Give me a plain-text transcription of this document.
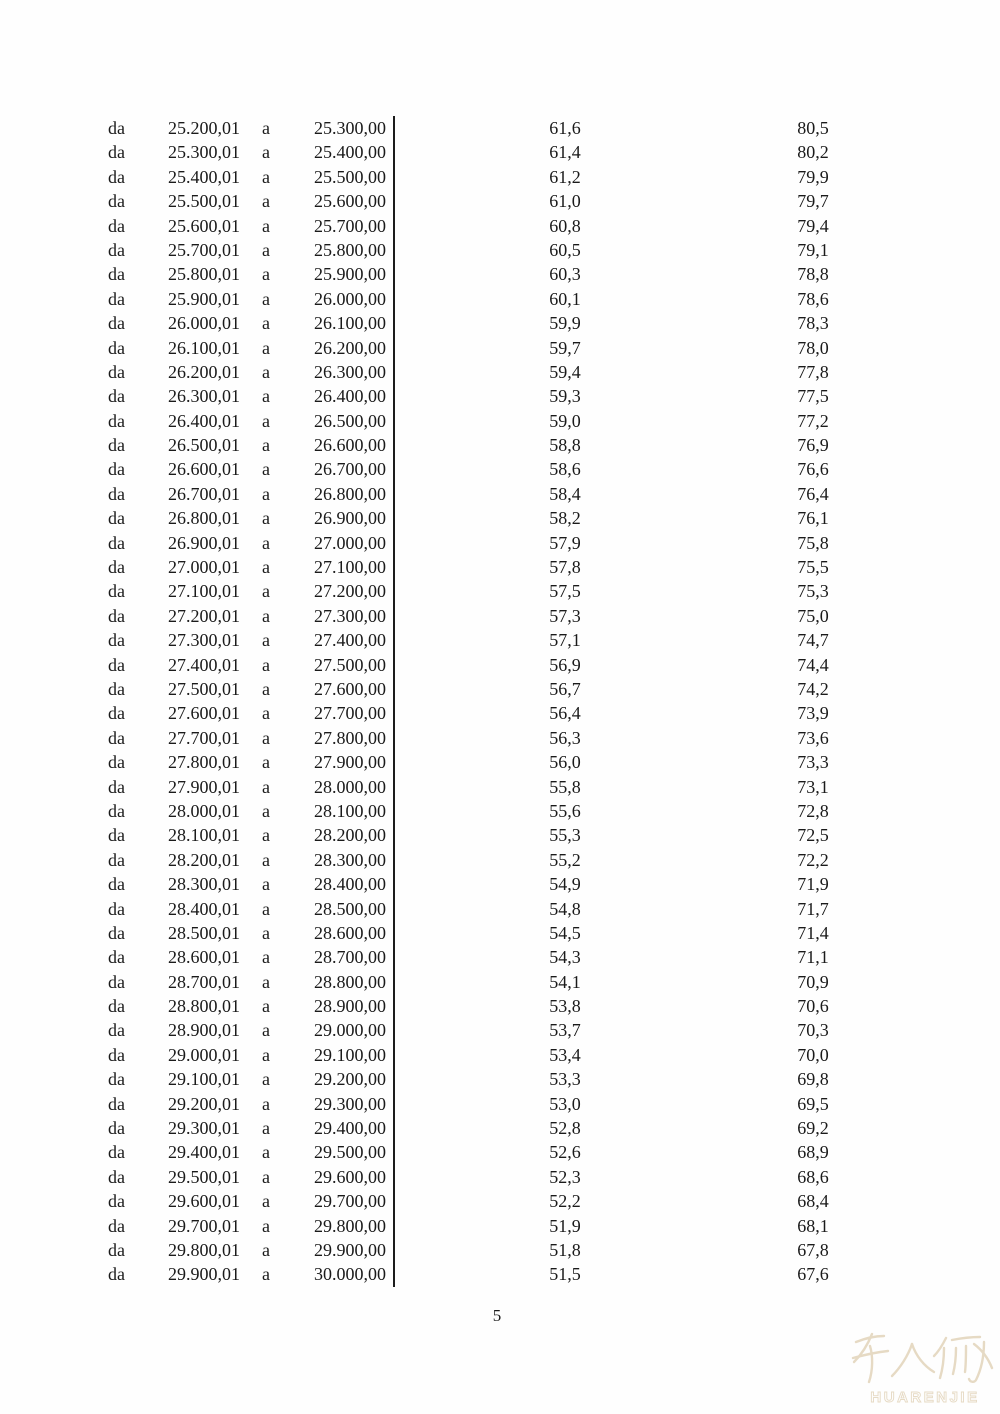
da	25.200,01	a	25.300,00	61,6	80,5
da	25.300,01	a	25.400,00	61,4	80,2
da	25.400,01	a	25.500,00	61,2	79,9
da	25.500,01	a	25.600,00	61,0	79,7
da	25.600,01	a	25.700,00	60,8	79,4
da	25.700,01	a	25.800,00	60,5	79,1
da	25.800,01	a	25.900,00	60,3	78,8
da	25.900,01	a	26.000,00	60,1	78,6
da	26.000,01	a	26.100,00	59,9	78,3
da	26.100,01	a	26.200,00	59,7	78,0
da	26.200,01	a	26.300,00	59,4	77,8
da	26.300,01	a	26.400,00	59,3	77,5
da	26.400,01	a	26.500,00	59,0	77,2
da	26.500,01	a	26.600,00	58,8	76,9
da	26.600,01	a	26.700,00	58,6	76,6
da	26.700,01	a	26.800,00	58,4	76,4
da	26.800,01	a	26.900,00	58,2	76,1
da	26.900,01	a	27.000,00	57,9	75,8
da	27.000,01	a	27.100,00	57,8	75,5
da	27.100,01	a	27.200,00	57,5	75,3
da	27.200,01	a	27.300,00	57,3	75,0
da	27.300,01	a	27.400,00	57,1	74,7
da	27.400,01	a	27.500,00	56,9	74,4
da	27.500,01	a	27.600,00	56,7	74,2
da	27.600,01	a	27.700,00	56,4	73,9
da	27.700,01	a	27.800,00	56,3	73,6
da	27.800,01	a	27.900,00	56,0	73,3
da	27.900,01	a	28.000,00	55,8	73,1
da	28.000,01	a	28.100,00	55,6	72,8
da	28.100,01	a	28.200,00	55,3	72,5
da	28.200,01	a	28.300,00	55,2	72,2
da	28.300,01	a	28.400,00	54,9	71,9
da	28.400,01	a	28.500,00	54,8	71,7
da	28.500,01	a	28.600,00	54,5	71,4
da	28.600,01	a	28.700,00	54,3	71,1
da	28.700,01	a	28.800,00	54,1	70,9
da	28.800,01	a	28.900,00	53,8	70,6
da	28.900,01	a	29.000,00	53,7	70,3
da	29.000,01	a	29.100,00	53,4	70,0
da	29.100,01	a	29.200,00	53,3	69,8
da	29.200,01	a	29.300,00	53,0	69,5
da	29.300,01	a	29.400,00	52,8	69,2
da	29.400,01	a	29.500,00	52,6	68,9
da	29.500,01	a	29.600,00	52,3	68,6
da	29.600,01	a	29.700,00	52,2	68,4
da	29.700,01	a	29.800,00	51,9	68,1
da	29.800,01	a	29.900,00	51,8	67,8
da	29.900,01	a	30.000,00	51,5	67,6
5
HUARENJIE
